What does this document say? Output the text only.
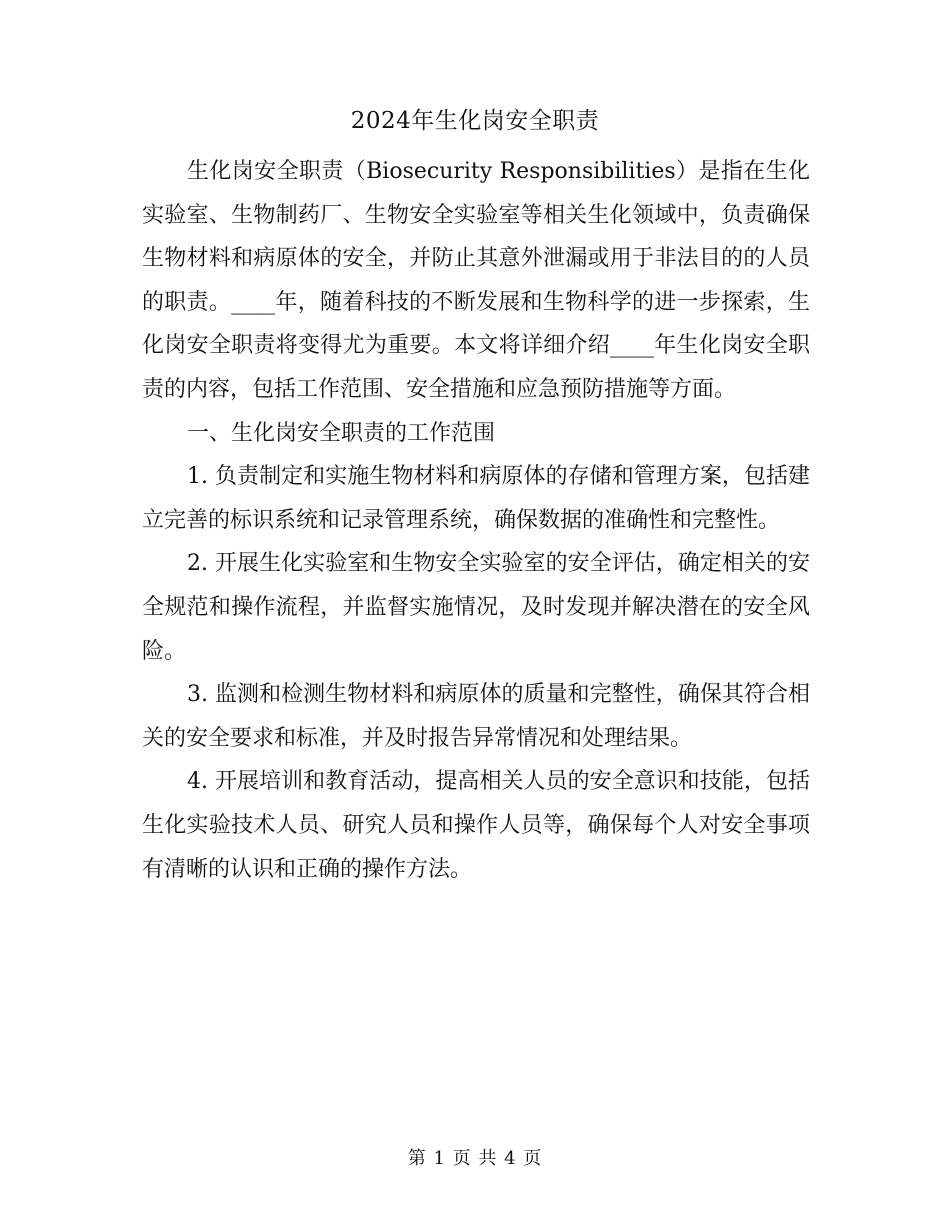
2024年生化岗安全职责

生化岗安全职责（Biosecurity Responsibilities）是指在生化实验室、生物制药厂、生物安全实验室等相关生化领域中，负责确保生物材料和病原体的安全，并防止其意外泄漏或用于非法目的的人员的职责。____年，随着科技的不断发展和生物科学的进一步探索，生化岗安全职责将变得尤为重要。本文将详细介绍____年生化岗安全职责的内容，包括工作范围、安全措施和应急预防措施等方面。

一、生化岗安全职责的工作范围

1. 负责制定和实施生物材料和病原体的存储和管理方案，包括建立完善的标识系统和记录管理系统，确保数据的准确性和完整性。

2. 开展生化实验室和生物安全实验室的安全评估，确定相关的安全规范和操作流程，并监督实施情况，及时发现并解决潜在的安全风险。

3. 监测和检测生物材料和病原体的质量和完整性，确保其符合相关的安全要求和标准，并及时报告异常情况和处理结果。

4. 开展培训和教育活动，提高相关人员的安全意识和技能，包括生化实验技术人员、研究人员和操作人员等，确保每个人对安全事项有清晰的认识和正确的操作方法。

第 1 页 共 4 页
